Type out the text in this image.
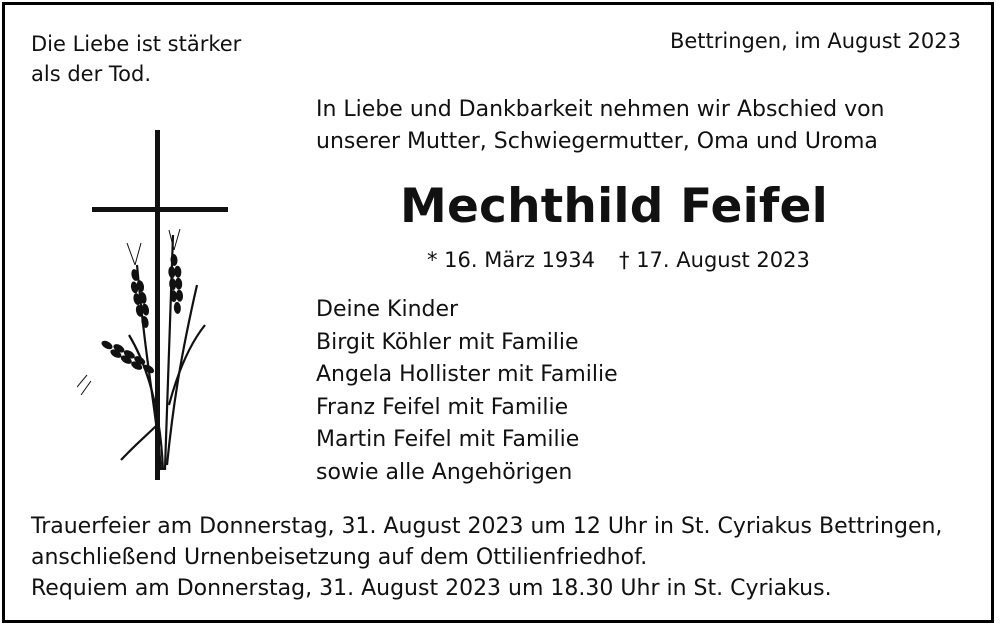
Die Liebe ist stärker
als der Tod.
Bettringen, im August 2023
In Liebe und Dankbarkeit nehmen wir Abschied von
unserer Mutter, Schwiegermutter, Oma und Uroma
Mechthild Feifel
* 16. März 1934 † 17. August 2023
Deine Kinder
Birgit Köhler mit Familie
Angela Hollister mit Familie
Franz Feifel mit Familie
Martin Feifel mit Familie
sowie alle Angehörigen
Trauerfeier am Donnerstag, 31. August 2023 um 12 Uhr in St. Cyriakus Bettringen,
anschließend Urnenbeisetzung auf dem Ottilienfriedhof.
Requiem am Donnerstag, 31. August 2023 um 18.30 Uhr in St. Cyriakus.
